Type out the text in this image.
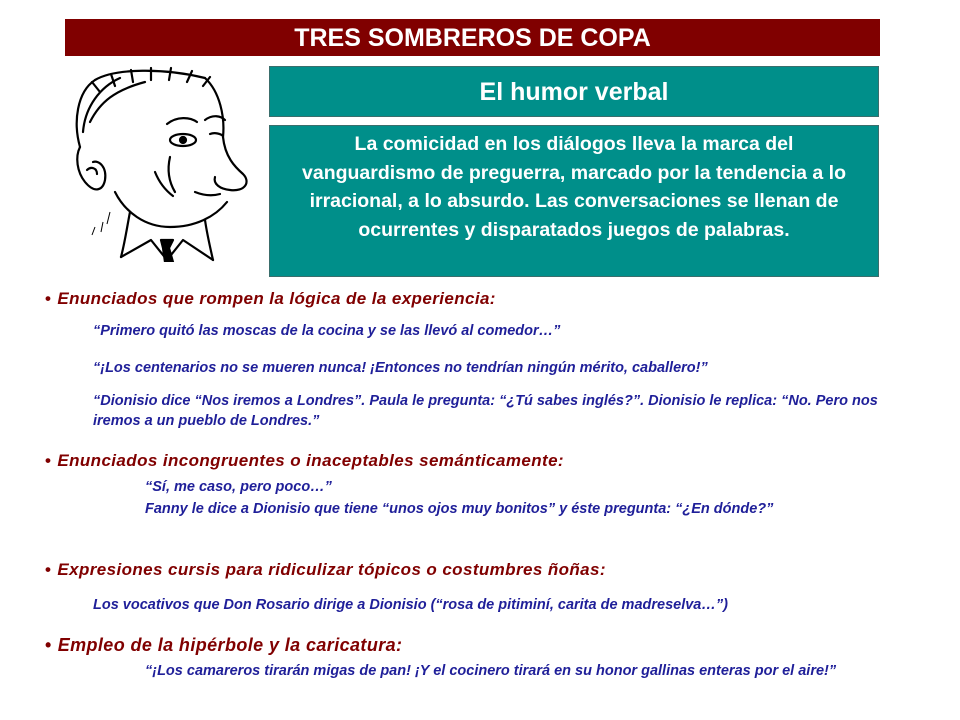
TRES SOMBREROS DE COPA
El humor verbal
La comicidad en los diálogos lleva la marca del vanguardismo de preguerra, marcado por la tendencia a lo irracional, a lo absurdo. Las conversaciones se llenan de ocurrentes y disparatados juegos de palabras.
• Enunciados que rompen la lógica de la experiencia:
“Primero quitó las moscas de la cocina y se las llevó al comedor…”
“¡Los centenarios no se mueren nunca! ¡Entonces no tendrían ningún mérito, caballero!”
“Dionisio dice “Nos iremos a Londres”. Paula le pregunta: “¿Tú sabes inglés?”. Dionisio le replica: “No. Pero nos iremos a un pueblo de Londres.”
• Enunciados incongruentes o inaceptables semánticamente:
“Sí, me caso, pero poco…”
Fanny le dice a Dionisio que tiene “unos ojos muy bonitos” y éste pregunta: “¿En dónde?”
• Expresiones cursis para ridiculizar tópicos o costumbres ñoñas:
Los vocativos que Don Rosario dirige a Dionisio (“rosa de pitiminí, carita de madreselva…”)
• Empleo de la hipérbole y la caricatura:
“¡Los camareros tirarán migas de pan! ¡Y el cocinero tirará en su honor gallinas enteras por el aire!”
